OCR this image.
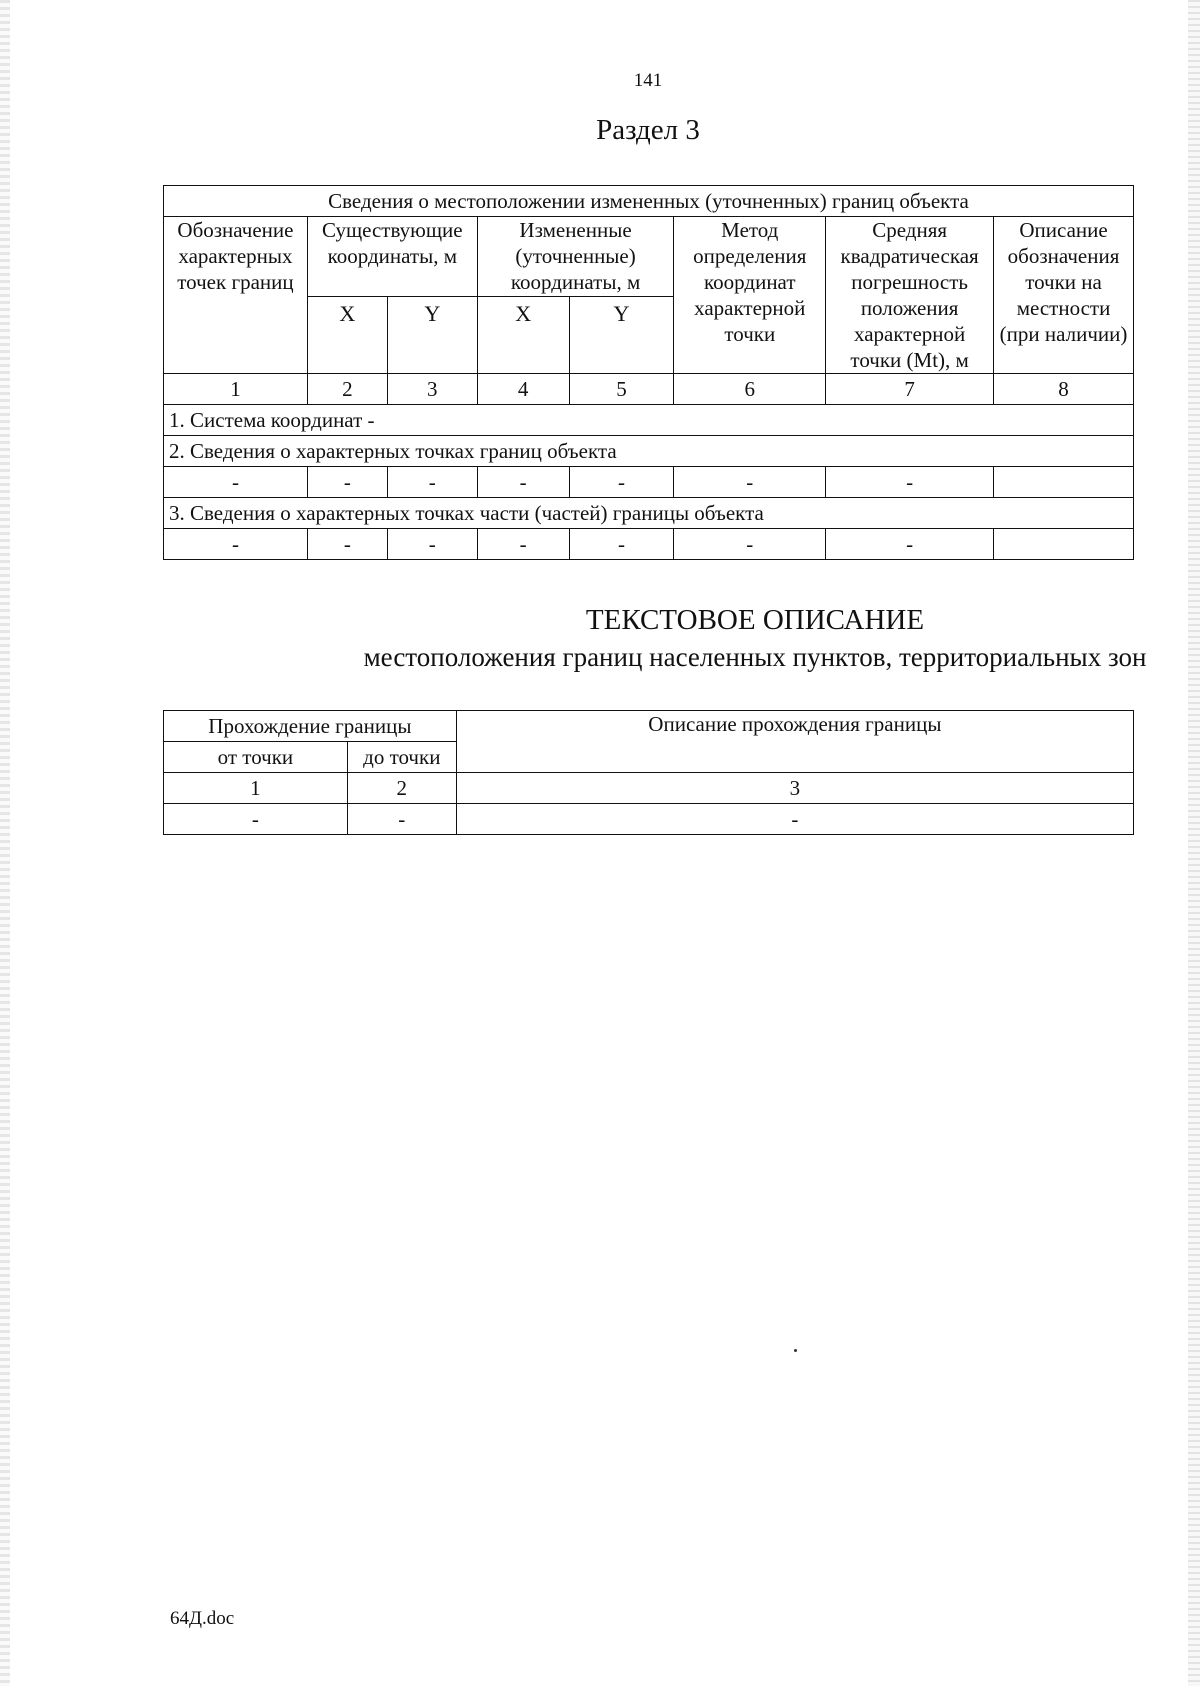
141
Раздел 3
Сведения о местоположении измененных (уточненных) границ объекта							
Обозначение характерных точек границ	Существующие координаты, м		Измененные (уточненные) координаты, м		Метод определения координат характерной точки	Средняя квадратическая погрешность положения характерной точки (Mt), м	Описание обозначения точки на местности (при наличии)
	X	Y	X	Y			
1	2	3	4	5	6	7	8
1. Система координат -							
2. Сведения о характерных точках границ объекта							
-	-	-	-	-	-	-	
3. Сведения о характерных точках части (частей) границы объекта							
-	-	-	-	-	-	-	
ТЕКСТОВОЕ ОПИСАНИЕ
местоположения границ населенных пунктов, территориальных зон
Прохождение границы		Описание прохождения границы
от точки	до точки	
1	2	3
-	-	-
64Д.doc
